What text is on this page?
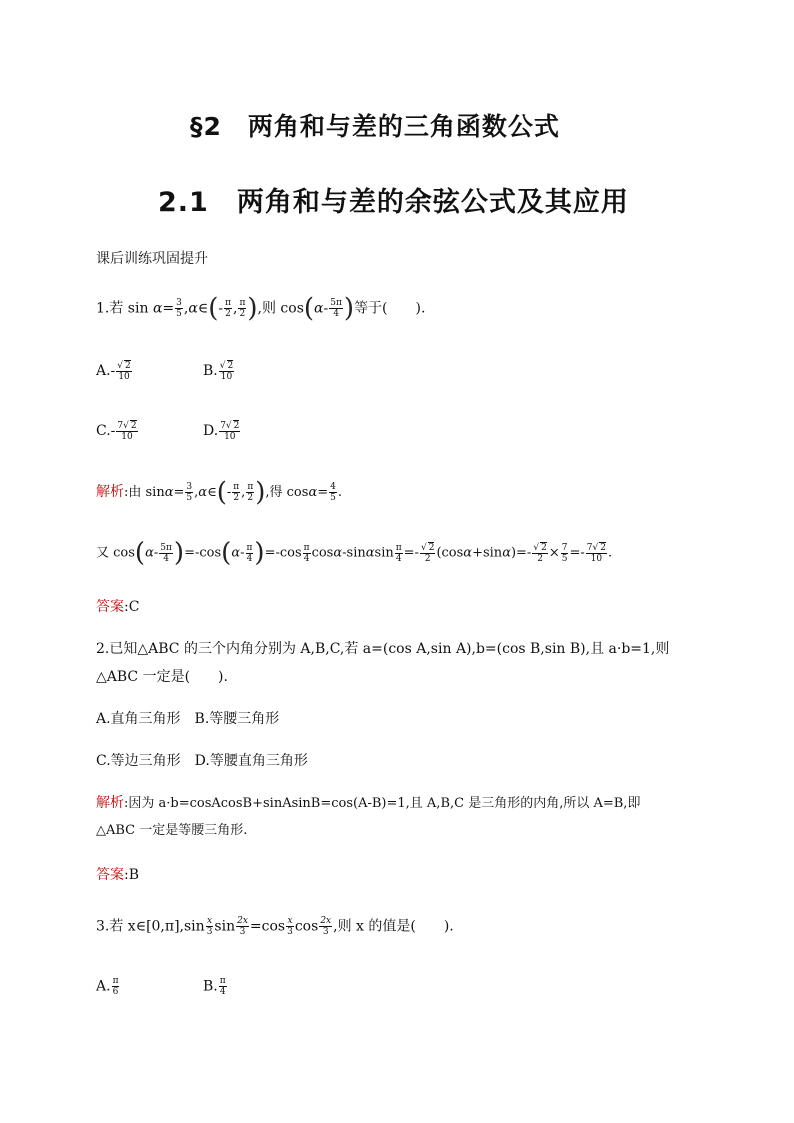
§2　两角和与差的三角函数公式
2.1　两角和与差的余弦公式及其应用
课后训练巩固提升
1.若 $\sin \alpha= \frac{3}{5}$ ,α∈(- $\frac{\pi}{2}$ , $\frac{\pi}{2}$ ),则 $\cos(\alpha- \frac{5\pi}{4}$ )等于(　　).
$A.- \frac{√ 2}{10}$	B. $\frac{√ 2}{10}$
$C.- \frac{7√ 2}{10}$	D. $\frac{7√ 2}{10}$
解析:由 $\sin\alpha= \frac{3}{5}$ ,α∈(- $\frac{\pi}{2}$ , $\frac{\pi}{2}$ ),得 $\cos\alpha= \frac{4}{5}$ .
又 $\cos(\alpha- \frac{5\pi}{4} )=-\cos(\alpha- \frac{\pi}{4} )=-\cos \frac{\pi}{4} \cos\alpha-\sin\alpha\sin \frac{\pi}{4} =- \frac{√ 2}{2} (\cos\alpha+\sin\alpha)=- \frac{√ 2}{2} \times \frac{7}{5} =- \frac{7√ 2}{10}$ .
答案:C
2.已知△ABC 的三个内角分别为 A,B,C,若 a=(cos A,sin A),b=(cos B,sin B),且 a·b=1,则
△ABC 一定是(　　).
A.直角三角形　B.等腰三角形
C.等边三角形　D.等腰直角三角形
解析:因为 a·b=cosAcosB+sinAsinB=cos(A-B)=1,且 A,B,C 是三角形的内角,所以 A=B,即
△ABC 一定是等腰三角形.
答案:B
3.若 x∈[0,π],sin $\frac{x}{3}$ $\sin \frac{2x}{3} =\cos \frac{x}{3}$ $\cos \frac{2x}{3}$ ,则 x 的值是(　　).
A. $\frac{\pi}{6}$	B. $\frac{\pi}{4}$
